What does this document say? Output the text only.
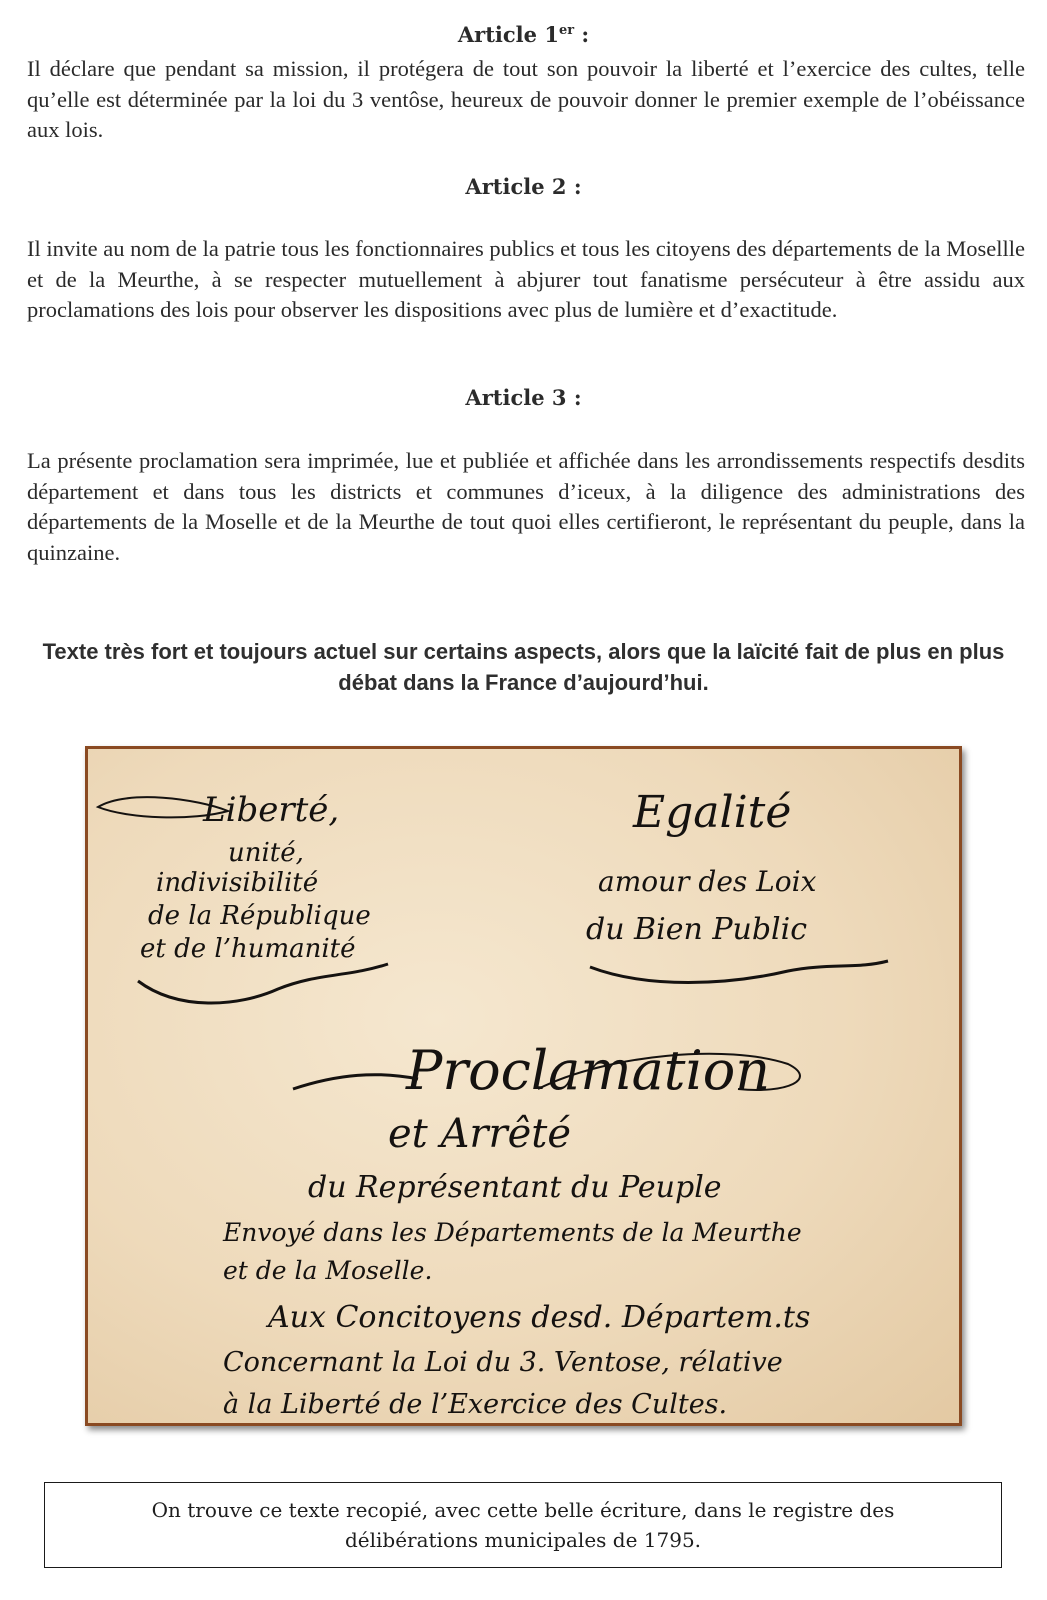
Article 1er :

Il déclare que pendant sa mission, il protégera de tout son pouvoir la liberté et l’exercice des cultes, telle qu’elle est déterminée par la loi du 3 ventôse, heureux de pouvoir donner le premier exemple de l’obéissance aux lois.

Article 2 :

Il invite au nom de la patrie tous les fonctionnaires publics et tous les citoyens des départements de la Mosellle et de la Meurthe, à se respecter mutuellement à abjurer tout fanatisme persécuteur à être assidu aux proclamations des lois pour observer les dispositions avec plus de lumière et d’exactitude.

Article 3 :

La présente proclamation sera imprimée, lue et publiée et affichée dans les arrondissements respectifs desdits département et dans tous les districts et communes d’iceux, à la diligence des administrations des départements de la Moselle et de la Meurthe de tout quoi elles certifieront, le représentant du peuple, dans la quinzaine.

Texte très fort et toujours actuel sur certains aspects, alors que la laïcité fait de plus en plus débat dans la France d’aujourd’hui.

Liberté,
unité,
indivisibilité
de la République
et de l’humanité
Egalité
amour des Loix
du Bien Public
Proclamation
et Arrêté
du Représentant du Peuple
Envoyé dans les Départements de la Meurthe
et de la Moselle.
Aux Concitoyens desd. Départem.ts
Concernant la Loi du 3. Ventose, rélative
à la Liberté de l’Exercice des Cultes.

On trouve ce texte recopié, avec cette belle écriture, dans le registre des délibérations municipales de 1795.
